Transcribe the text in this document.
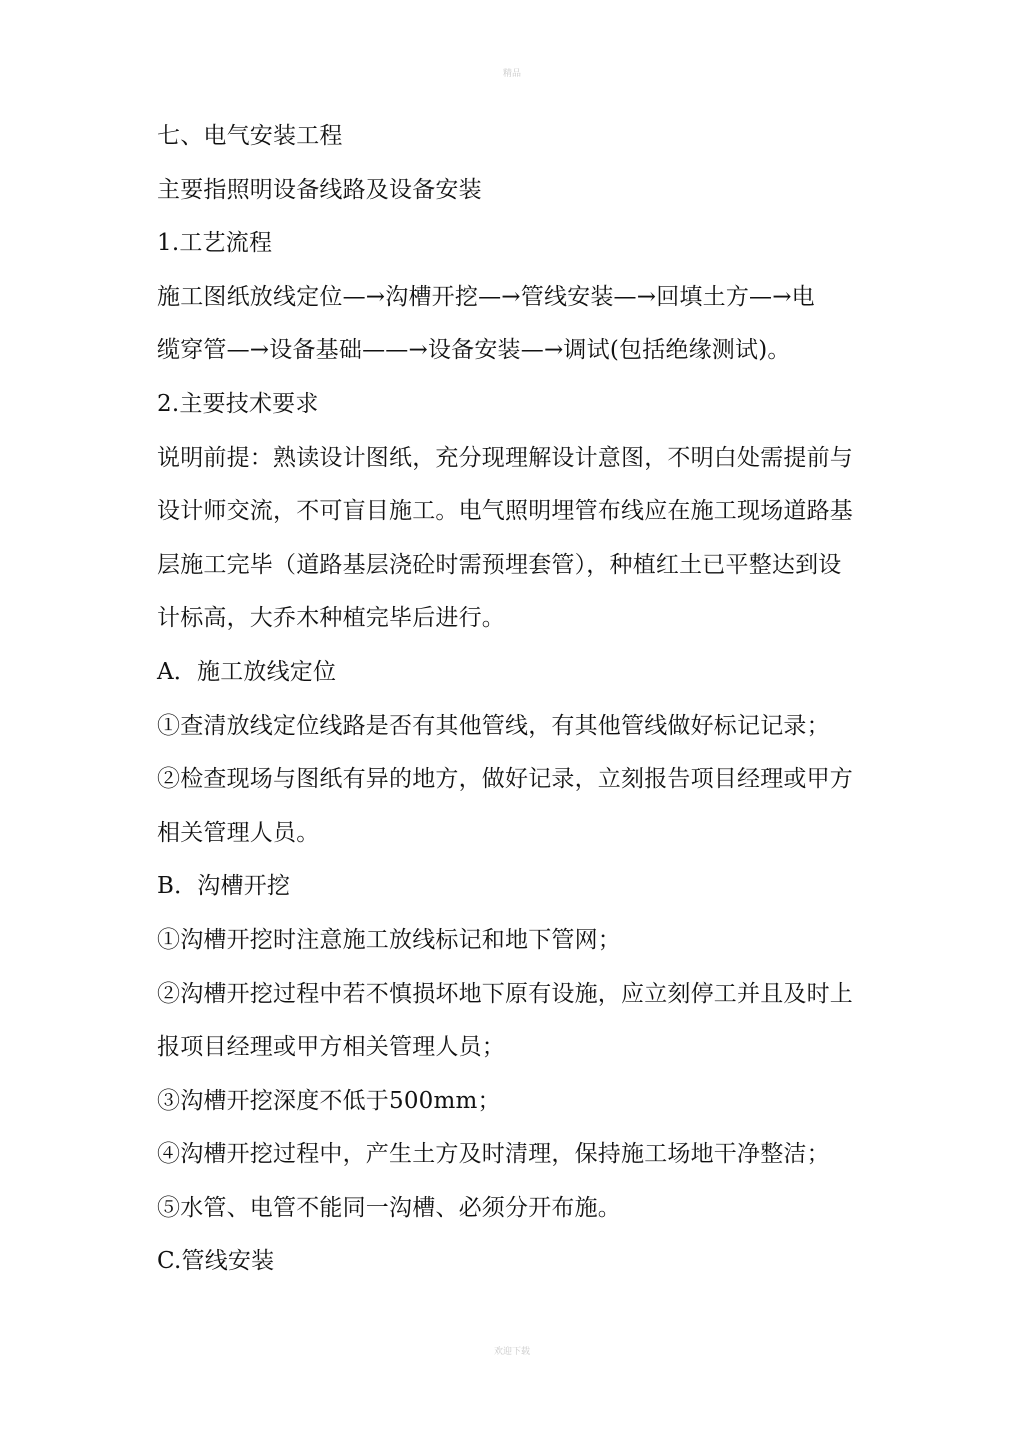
精品
七、电气安装工程
主要指照明设备线路及设备安装
1.工艺流程
施工图纸放线定位—→沟槽开挖—→管线安装—→回填土方—→电
缆穿管—→设备基础——→设备安装—→调试(包括绝缘测试)。
2.主要技术要求
说明前提：熟读设计图纸，充分现理解设计意图，不明白处需提前与
设计师交流，不可盲目施工。电气照明埋管布线应在施工现场道路基
层施工完毕（道路基层浇砼时需预埋套管），种植红土已平整达到设
计标高，大乔木种植完毕后进行。
A．施工放线定位
①查清放线定位线路是否有其他管线，有其他管线做好标记记录；
②检查现场与图纸有异的地方，做好记录，立刻报告项目经理或甲方
相关管理人员。
B．沟槽开挖
①沟槽开挖时注意施工放线标记和地下管网；
②沟槽开挖过程中若不慎损坏地下原有设施，应立刻停工并且及时上
报项目经理或甲方相关管理人员；
③沟槽开挖深度不低于500mm；
④沟槽开挖过程中，产生土方及时清理，保持施工场地干净整洁；
⑤水管、电管不能同一沟槽、必须分开布施。
C.管线安装
欢迎下载
